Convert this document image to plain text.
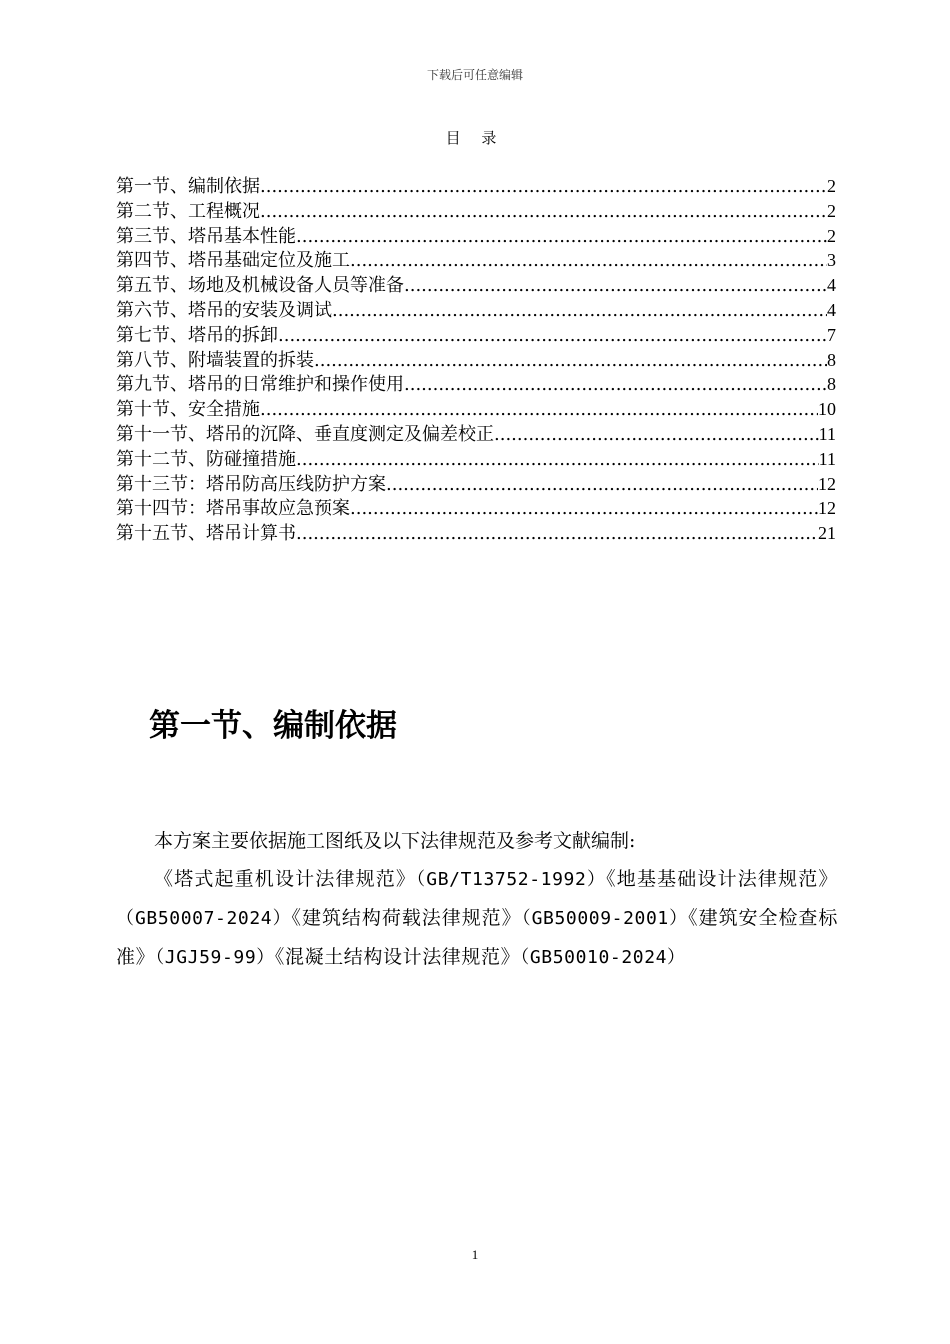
下载后可任意编辑
目 录
第一节、编制依据 .....	2
第二节、工程概况 .....	2
第三节、塔吊基本性能 .....	2
第四节、塔吊基础定位及施工 .....	3
第五节、场地及机械设备人员等准备 .....	4
第六节、塔吊的安装及调试 .....	4
第七节、塔吊的拆卸 .....	7
第八节、附墙装置的拆装 .....	8
第九节、塔吊的日常维护和操作使用 .....	8
第十节、安全措施 .....	10
第十一节、塔吊的沉降、垂直度测定及偏差校正 .....	11
第十二节、防碰撞措施 .....	11
第十三节：塔吊防高压线防护方案 .....	12
第十四节：塔吊事故应急预案 .....	12
第十五节、塔吊计算书 .....	21
第一节、编制依据

本方案主要依据施工图纸及以下法律规范及参考文献编制:

《塔式起重机设计法律规范》（GB/T13752-1992）《地基基础设计法律规范》（GB50007-2024）《建筑结构荷载法律规范》（GB50009-2001）《建筑安全检查标准》（JGJ59-99）《混凝土结构设计法律规范》（GB50010-2024）

1
